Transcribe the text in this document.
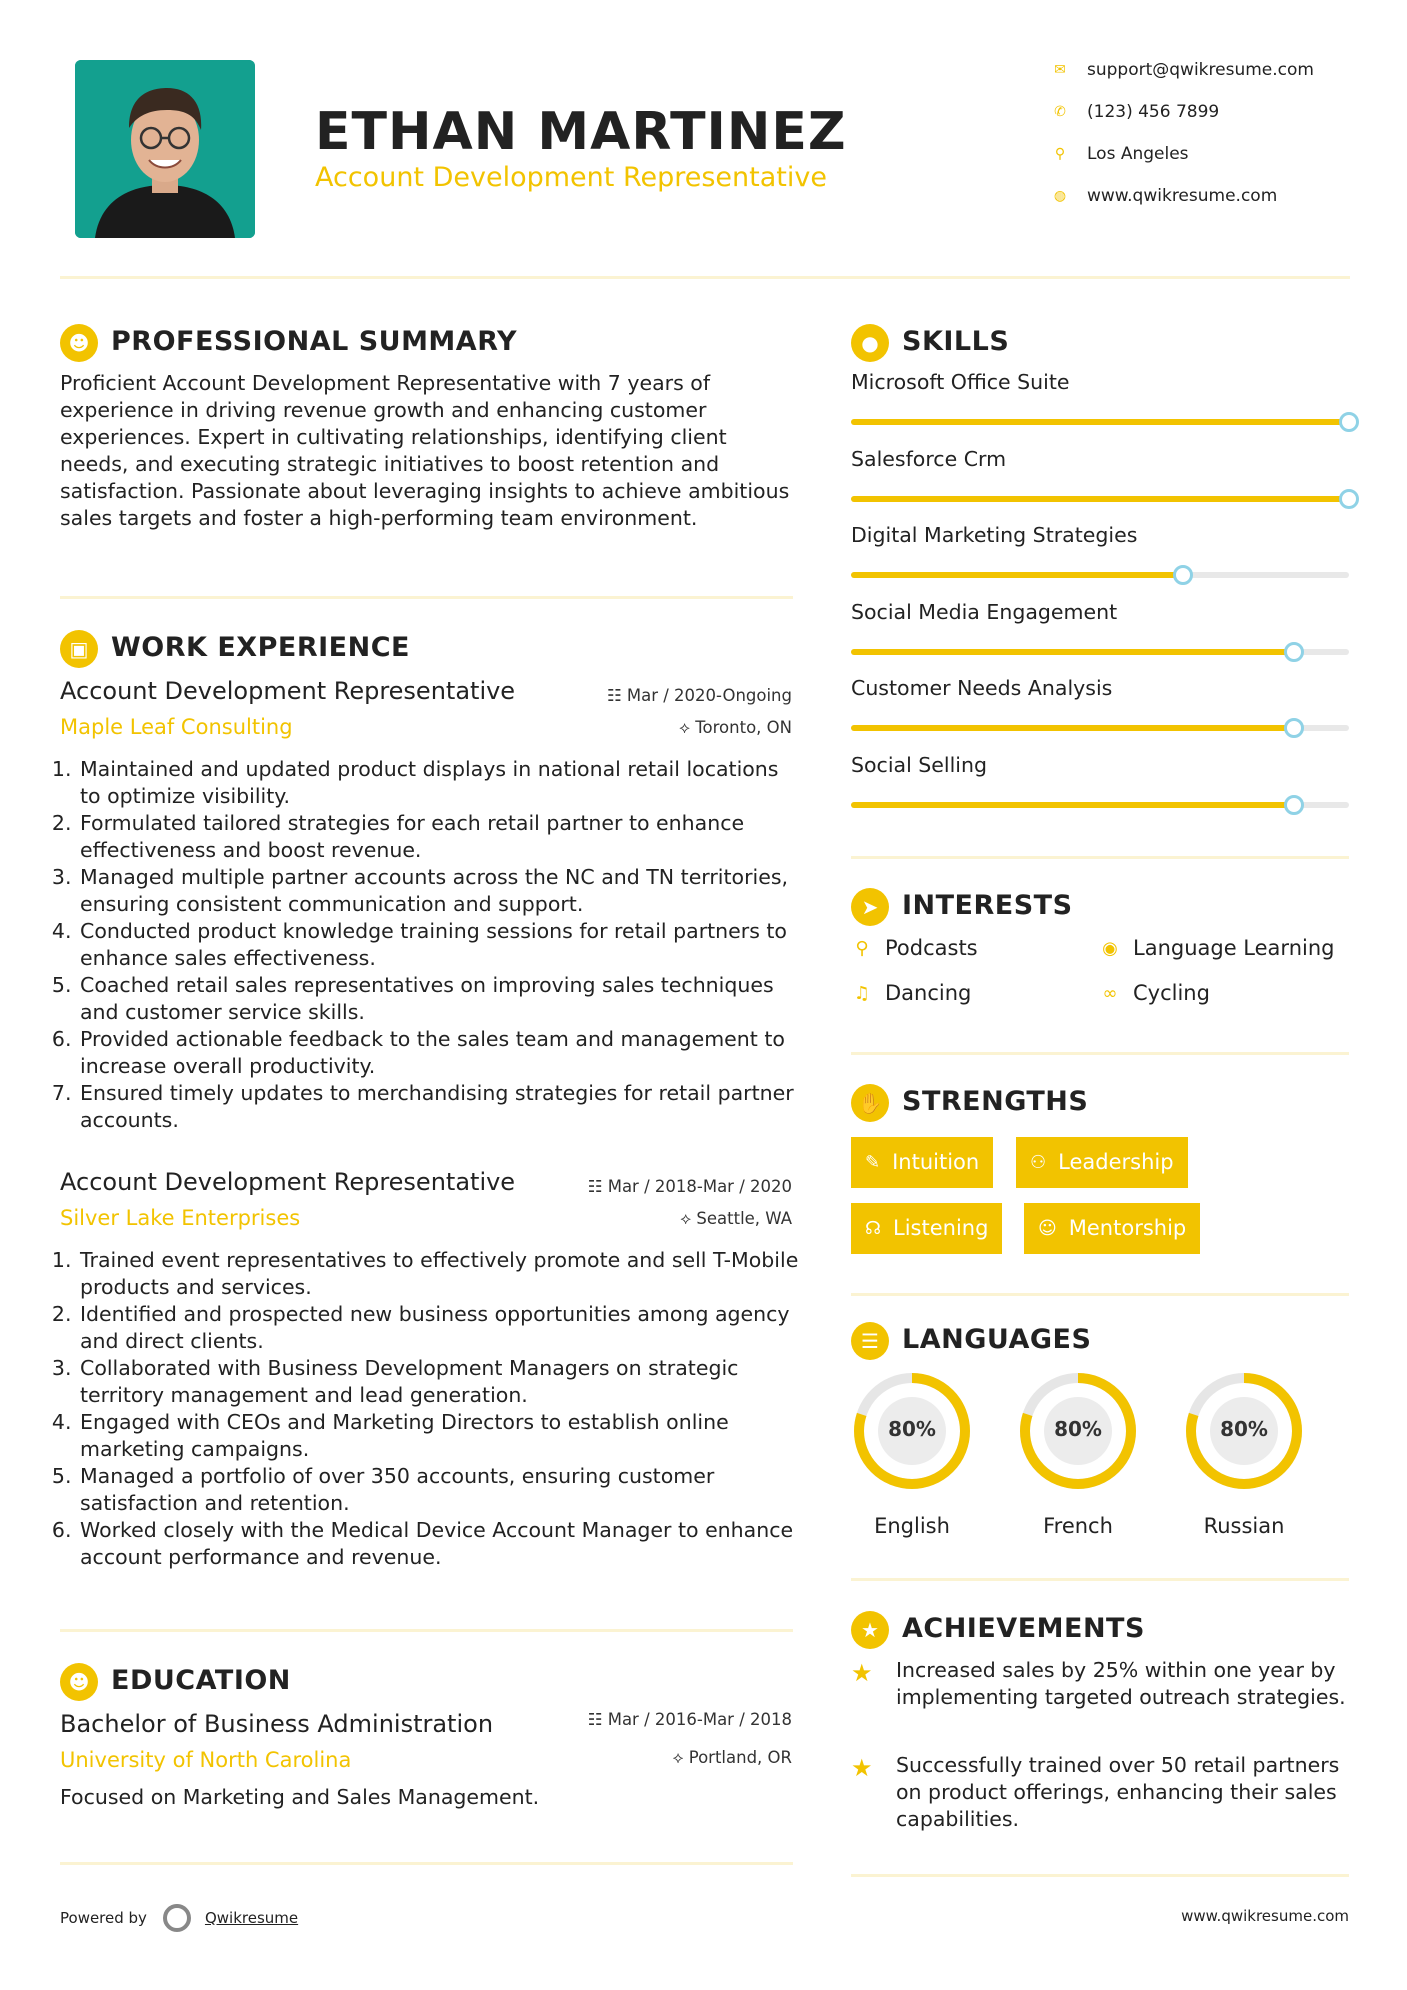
ETHAN MARTINEZ
Account Development Representative
✉ support@qwikresume.com
✆ (123) 456 7899
⚲ Los Angeles
◍ www.qwikresume.com
☻ PROFESSIONAL SUMMARY
Proficient Account Development Representative with 7 years of experience in driving revenue growth and enhancing customer experiences. Expert in cultivating relationships, identifying client needs, and executing strategic initiatives to boost retention and satisfaction. Passionate about leveraging insights to achieve ambitious sales targets and foster a high-performing team environment.
▣ WORK EXPERIENCE
Account Development Representative	☷ Mar / 2020-Ongoing
Maple Leaf Consulting	⟡ Toronto, ON
1. Maintained and updated product displays in national retail locations to optimize visibility.
2. Formulated tailored strategies for each retail partner to enhance effectiveness and boost revenue.
3. Managed multiple partner accounts across the NC and TN territories, ensuring consistent communication and support.
4. Conducted product knowledge training sessions for retail partners to enhance sales effectiveness.
5. Coached retail sales representatives on improving sales techniques and customer service skills.
6. Provided actionable feedback to the sales team and management to increase overall productivity.
7. Ensured timely updates to merchandising strategies for retail partner accounts.
Account Development Representative	☷ Mar / 2018-Mar / 2020
Silver Lake Enterprises	⟡ Seattle, WA
1. Trained event representatives to effectively promote and sell T-Mobile products and services.
2. Identified and prospected new business opportunities among agency and direct clients.
3. Collaborated with Business Development Managers on strategic territory management and lead generation.
4. Engaged with CEOs and Marketing Directors to establish online marketing campaigns.
5. Managed a portfolio of over 350 accounts, ensuring customer satisfaction and retention.
6. Worked closely with the Medical Device Account Manager to enhance account performance and revenue.
☻ EDUCATION
Bachelor of Business Administration	☷ Mar / 2016-Mar / 2018
University of North Carolina	⟡ Portland, OR
Focused on Marketing and Sales Management.
● SKILLS
Microsoft Office Suite
Salesforce Crm
Digital Marketing Strategies
Social Media Engagement
Customer Needs Analysis
Social Selling
➤ INTERESTS
⚲ Podcasts	◉ Language Learning
♫ Dancing	∞ Cycling
✋ STRENGTHS
✎ Intuition	⚇ Leadership
☊ Listening	☺ Mentorship
☰ LANGUAGES
80%
English
80%
French
80%
Russian
★ ACHIEVEMENTS
★ Increased sales by 25% within one year by implementing targeted outreach strategies.
★ Successfully trained over 50 retail partners on product offerings, enhancing their sales capabilities.
Powered by	Qwikresume	www.qwikresume.com
